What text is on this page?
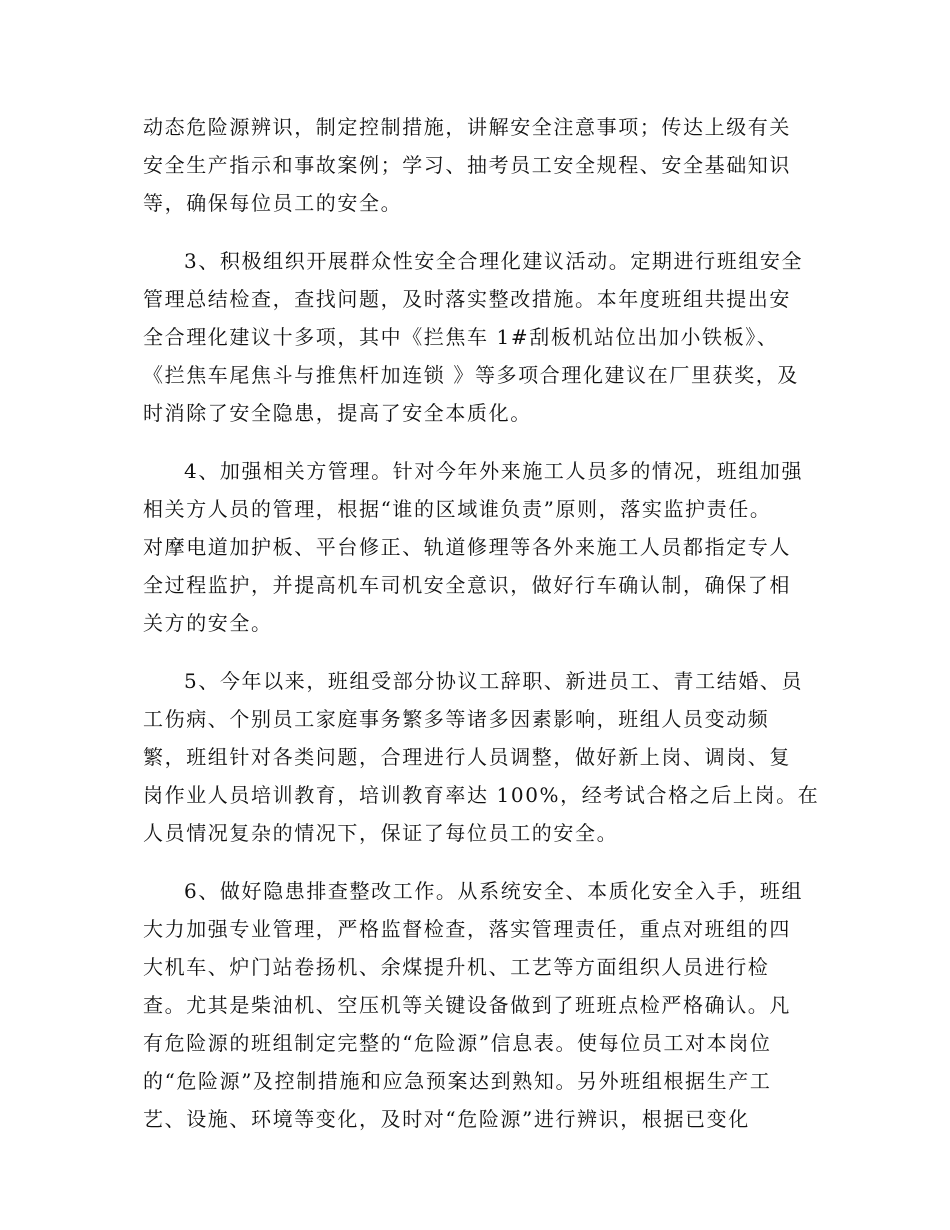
动态危险源辨识，制定控制措施，讲解安全注意事项；传达上级有关
安全生产指示和事故案例；学习、抽考员工安全规程、安全基础知识
等，确保每位员工的安全。
3、积极组织开展群众性安全合理化建议活动。定期进行班组安全
管理总结检查，查找问题，及时落实整改措施。本年度班组共提出安
全合理化建议十多项，其中《拦焦车 1#刮板机站位出加小铁板》、
《拦焦车尾焦斗与推焦杆加连锁 》等多项合理化建议在厂里获奖，及
时消除了安全隐患，提高了安全本质化。
4、加强相关方管理。针对今年外来施工人员多的情况，班组加强
相关方人员的管理，根据“谁的区域谁负责”原则，落实监护责任。
对摩电道加护板、平台修正、轨道修理等各外来施工人员都指定专人
全过程监护，并提高机车司机安全意识，做好行车确认制，确保了相
关方的安全。
5、今年以来，班组受部分协议工辞职、新进员工、青工结婚、员
工伤病、个别员工家庭事务繁多等诸多因素影响，班组人员变动频
繁，班组针对各类问题，合理进行人员调整，做好新上岗、调岗、复
岗作业人员培训教育，培训教育率达 100%，经考试合格之后上岗。在
人员情况复杂的情况下，保证了每位员工的安全。
6、做好隐患排查整改工作。从系统安全、本质化安全入手，班组
大力加强专业管理，严格监督检查，落实管理责任，重点对班组的四
大机车、炉门站卷扬机、余煤提升机、工艺等方面组织人员进行检
查。尤其是柴油机、空压机等关键设备做到了班班点检严格确认。凡
有危险源的班组制定完整的“危险源”信息表。使每位员工对本岗位
的“危险源”及控制措施和应急预案达到熟知。另外班组根据生产工
艺、设施、环境等变化，及时对“危险源”进行辨识，根据已变化
